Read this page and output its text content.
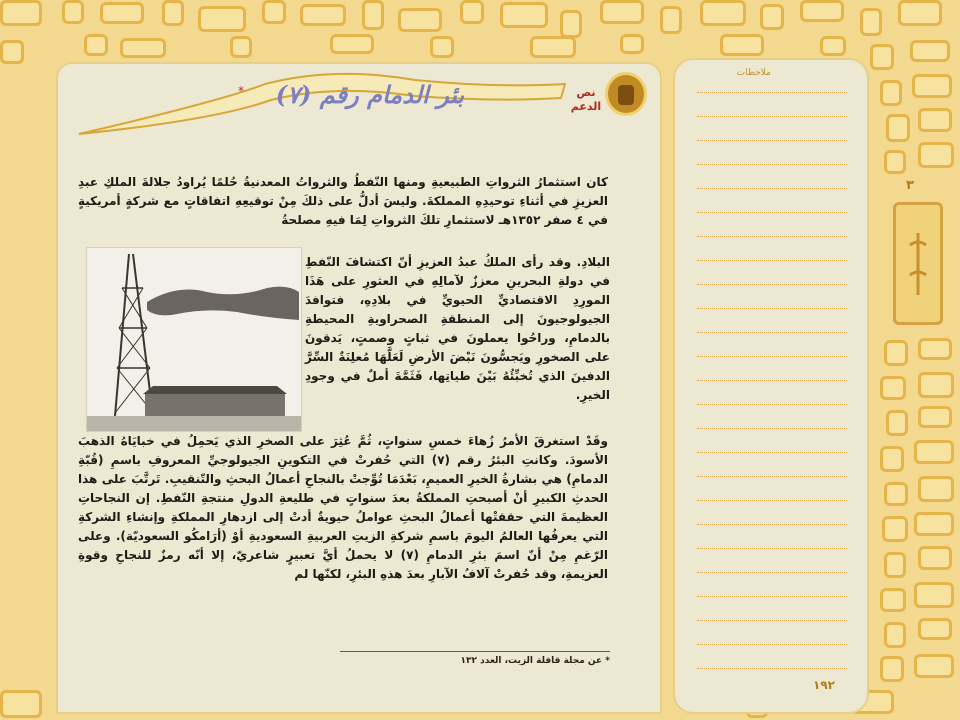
ملاحظات
٣
بئر الدمام رقم (٧)
*	نص
الدعم
كان استثمارُ الثرواتِ الطبيعيةِ ومنها النّفطُ والثرواتُ المعدنيةُ حُلمًا يُراودُ جلالةَ الملكِ عبدِ العزيزِ في أثناءِ توحيدِهِ المملكةَ. وليسَ أدلُّ على ذلكَ مِنْ توقيعِهِ اتفاقاتٍ مع شركةٍ أمريكيةٍ في ٤ صفر ١٣٥٢هـ لاستثمارِ تلكَ الثرواتِ لِمَا فيهِ مصلحةُ
البلادِ. وقد رأى الملكُ عبدُ العزيزِ أنّ اكتشافَ النّفطِ في دولةِ البحرينِ معززٌ لآمالِهِ في العثورِ على هَذَا المورِدِ الاقتصاديِّ الحيويِّ في بلادِهِ، فتوافدَ الجيولوجيونَ إلى المنطقةِ الصحراويةِ المحيطةِ بالدمامِ، وراحُوا يعملونَ في ثباتٍ وصمتٍ، يَدقونَ على الصخورِ ويَجسُّونَ نَبْضَ الأرضِ لَعَلَّهَا مُعلِنَةٌ السِّرَّ الدفينَ الذي تُخبِّئُهُ بَيْنَ طياتِها، فَثَمَّةَ أملٌ في وجودِ الخيرِ.
وقَدْ استغرقَ الأمرُ زُهاءَ خمسِ سنواتٍ، ثُمَّ عُثِرَ على الصخرِ الذي يَحمِلُ في خبايَاهُ الذهبَ الأسودَ. وكانتِ البئرُ رقم (٧) التي حُفرتْ في التكوينِ الجيولوجيِّ المعروفِ باسمِ (قُبّةِ الدمامِ) هي بشارةُ الخيرِ العميمِ، بَعْدَمَا تُوِّجتْ بالنجاحِ أعمالُ البحثِ والتّنقيبِ. تَرتَّبَ على هذا الحدثِ الكبيرِ أنْ أصبحتِ المملكةُ بعدَ سنواتٍ في طليعةِ الدولِ منتجةِ النّفطِ. إن النجاحاتِ العظيمةَ التي حققتْها أعمالُ البحثِ عواملُ حيويةٌ أدتْ إلى ازدهارِ المملكةِ وإنشاءِ الشركةِ التي يعرفُها العالمُ اليومَ باسمِ شركةِ الزيتِ العربيةِ السعوديةِ أوْ (أرَامكُو السعوديّة). وعلى الرّغمِ مِنْ أنّ اسمَ بئرِ الدمامِ (٧) لا يحملُ أيَّ تعبيرٍ شاعريّ، إلا أنّه رمزٌ للنجاحِ وقوةِ العزيمةِ، وقد حُفرتْ آلافُ الآبارِ بعدَ هذهِ البئرِ، لكنّها لم
* عن مجلة قافلة الزيت، العدد ١٣٢
١٩٢
